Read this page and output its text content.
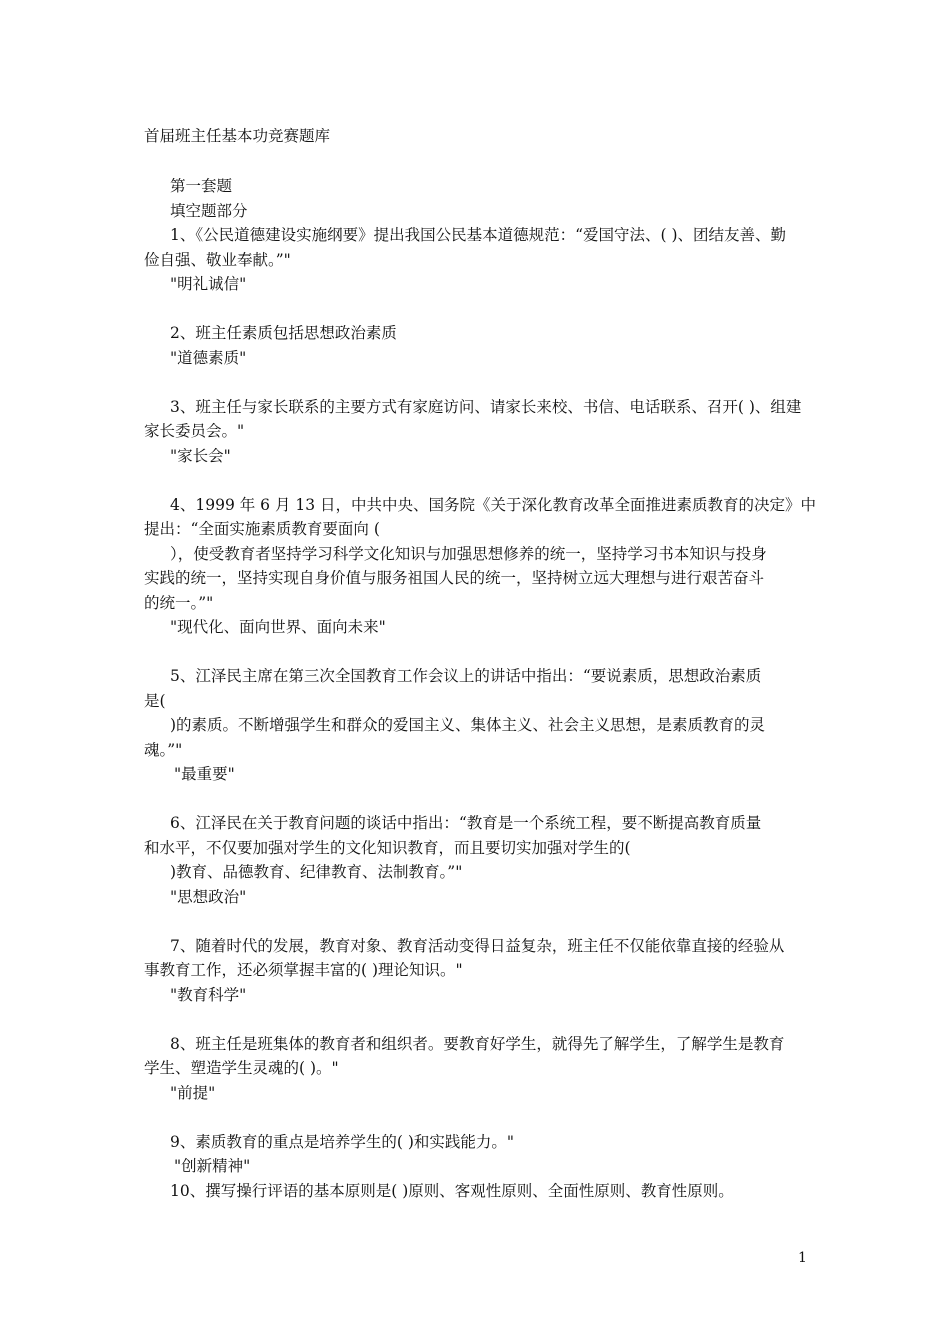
首届班主任基本功竞赛题库
第一套题
填空题部分
1、《公民道德建设实施纲要》提出我国公民基本道德规范：“爱国守法、( )、团结友善、勤
俭自强、敬业奉献。”"
"明礼诚信"
2、班主任素质包括思想政治素质
"道德素质"
3、班主任与家长联系的主要方式有家庭访问、请家长来校、书信、电话联系、召开( )、组建
家长委员会。"
"家长会"
4、1999 年 6 月 13 日，中共中央、国务院《关于深化教育改革全面推进素质教育的决定》中
提出：“全面实施素质教育要面向 (
），使受教育者坚持学习科学文化知识与加强思想修养的统一，坚持学习书本知识与投身
实践的统一，坚持实现自身价值与服务祖国人民的统一，坚持树立远大理想与进行艰苦奋斗
的统一。”"
"现代化、面向世界、面向未来"
5、江泽民主席在第三次全国教育工作会议上的讲话中指出：“要说素质，思想政治素质
是(
)的素质。不断增强学生和群众的爱国主义、集体主义、社会主义思想，是素质教育的灵
魂。”"
"最重要"
6、江泽民在关于教育问题的谈话中指出：“教育是一个系统工程，要不断提高教育质量
和水平，不仅要加强对学生的文化知识教育，而且要切实加强对学生的(
)教育、品德教育、纪律教育、法制教育。”"
"思想政治"
7、随着时代的发展，教育对象、教育活动变得日益复杂，班主任不仅能依靠直接的经验从
事教育工作，还必须掌握丰富的( )理论知识。"
"教育科学"
8、班主任是班集体的教育者和组织者。要教育好学生，就得先了解学生，了解学生是教育
学生、塑造学生灵魂的( )。"
"前提"
9、素质教育的重点是培养学生的( )和实践能力。"
"创新精神"
10、撰写操行评语的基本原则是( )原则、客观性原则、全面性原则、教育性原则。
1
